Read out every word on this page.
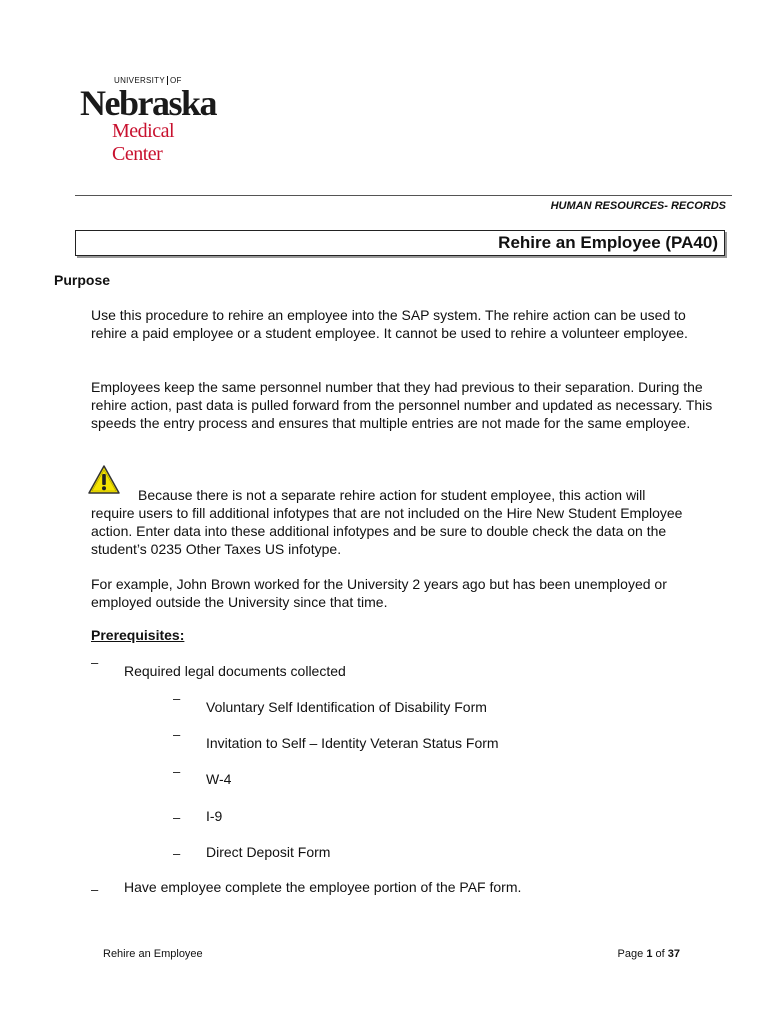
UNIVERSITY OF
Nebraska
Medical Center
HUMAN RESOURCES- RECORDS
Rehire an Employee (PA40)
Purpose

Use this procedure to rehire an employee into the SAP system. The rehire action can be used to rehire a paid employee or a student employee. It cannot be used to rehire a volunteer employee.

Employees keep the same personnel number that they had previous to their separation. During the rehire action, past data is pulled forward from the personnel number and updated as necessary. This speeds the entry process and ensures that multiple entries are not made for the same employee.

Because there is not a separate rehire action for student employee, this action will
require users to fill additional infotypes that are not included on the Hire New Student Employee action. Enter data into these additional infotypes and be sure to double check the data on the student’s 0235 Other Taxes US infotype.

For example, John Brown worked for the University 2 years ago but has been unemployed or employed outside the University since that time.

Prerequisites:
–
Required legal documents collected
–
Voluntary Self Identification of Disability Form
–
Invitation to Self – Identity Veteran Status Form
– W-4
– I-9
– Direct Deposit Form
– Have employee complete the employee portion of the PAF form.
Rehire an Employee	Page 1 of 37
